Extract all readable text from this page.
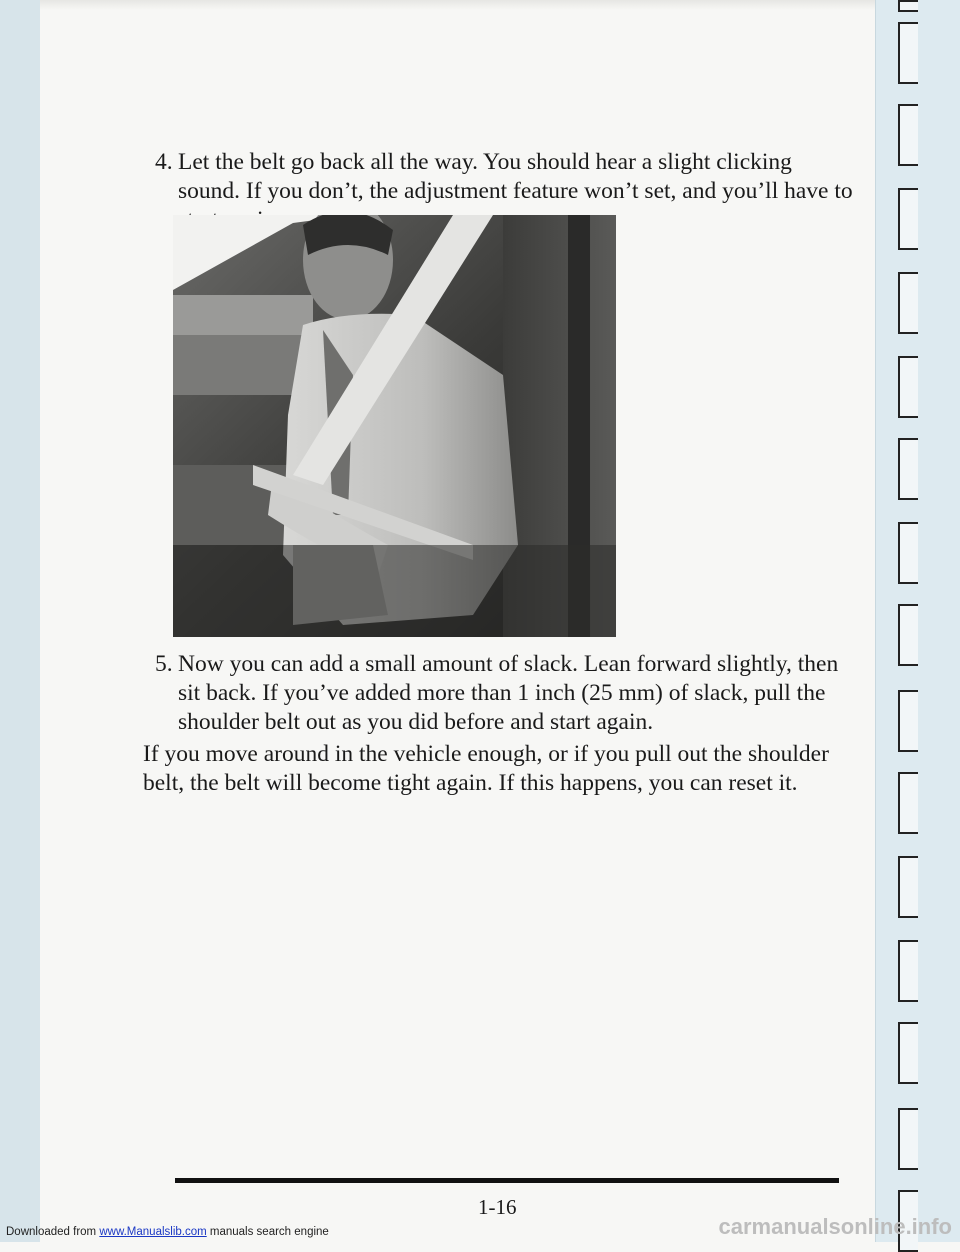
4. Let the belt go back all the way. You should hear a slight clicking sound. If you don’t, the adjustment feature won’t set, and you’ll have to
5. Now you can add a small amount of slack. Lean forward slightly, then sit back. If you’ve added more than 1 inch (25 mm) of slack, pull the shoulder belt out as you did before and start again.
If you move around in the vehicle enough, or if you pull out the shoulder belt, the belt will become tight again. If this happens, you can reset it.
1-16
Downloaded from www.Manualslib.com manuals search engine	carmanualsonline.info
